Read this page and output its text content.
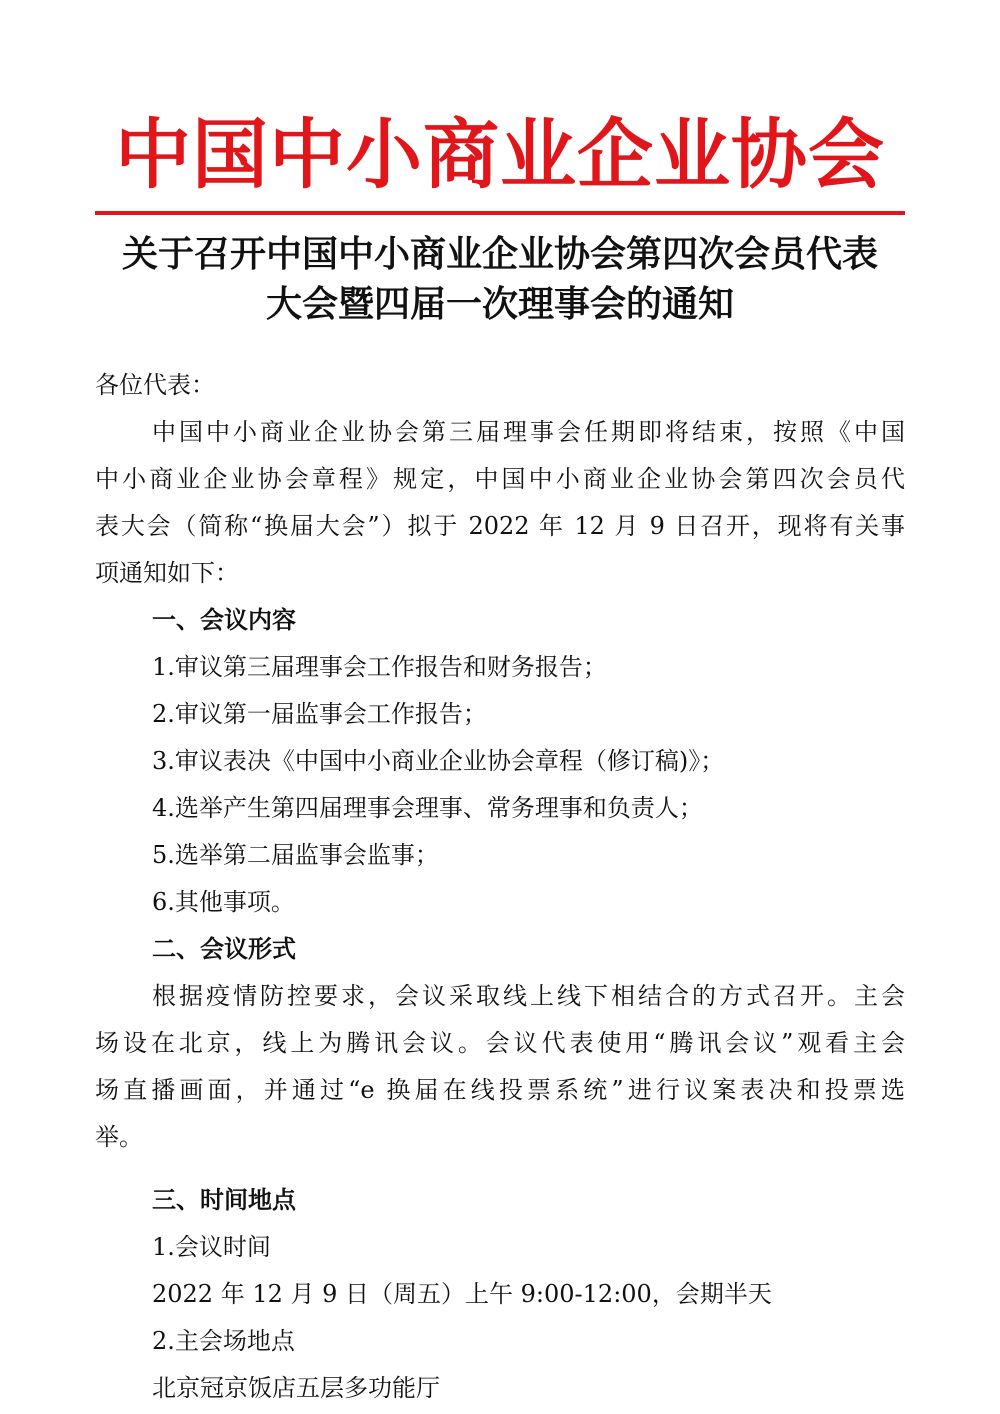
中国中小商业企业协会
关于召开中国中小商业企业协会第四次会员代表
大会暨四届一次理事会的通知
各位代表：
中国中小商业企业协会第三届理事会任期即将结束，按照《中国
中小商业企业协会章程》规定，中国中小商业企业协会第四次会员代
表大会（简称“换届大会”）拟于 2022 年 12 月 9 日召开，现将有关事
项通知如下：
一、会议内容
1.审议第三届理事会工作报告和财务报告；
2.审议第一届监事会工作报告；
3.审议表决《中国中小商业企业协会章程（修订稿)》；
4.选举产生第四届理事会理事、常务理事和负责人；
5.选举第二届监事会监事；
6.其他事项。
二、会议形式
根据疫情防控要求，会议采取线上线下相结合的方式召开。主会
场设在北京，线上为腾讯会议。会议代表使用“腾讯会议”观看主会
场直播画面，并通过“e 换届在线投票系统”进行议案表决和投票选
举。
三、时间地点
1.会议时间
2022 年 12 月 9 日（周五）上午 9:00-12:00，会期半天
2.主会场地点
北京冠京饭店五层多功能厅
